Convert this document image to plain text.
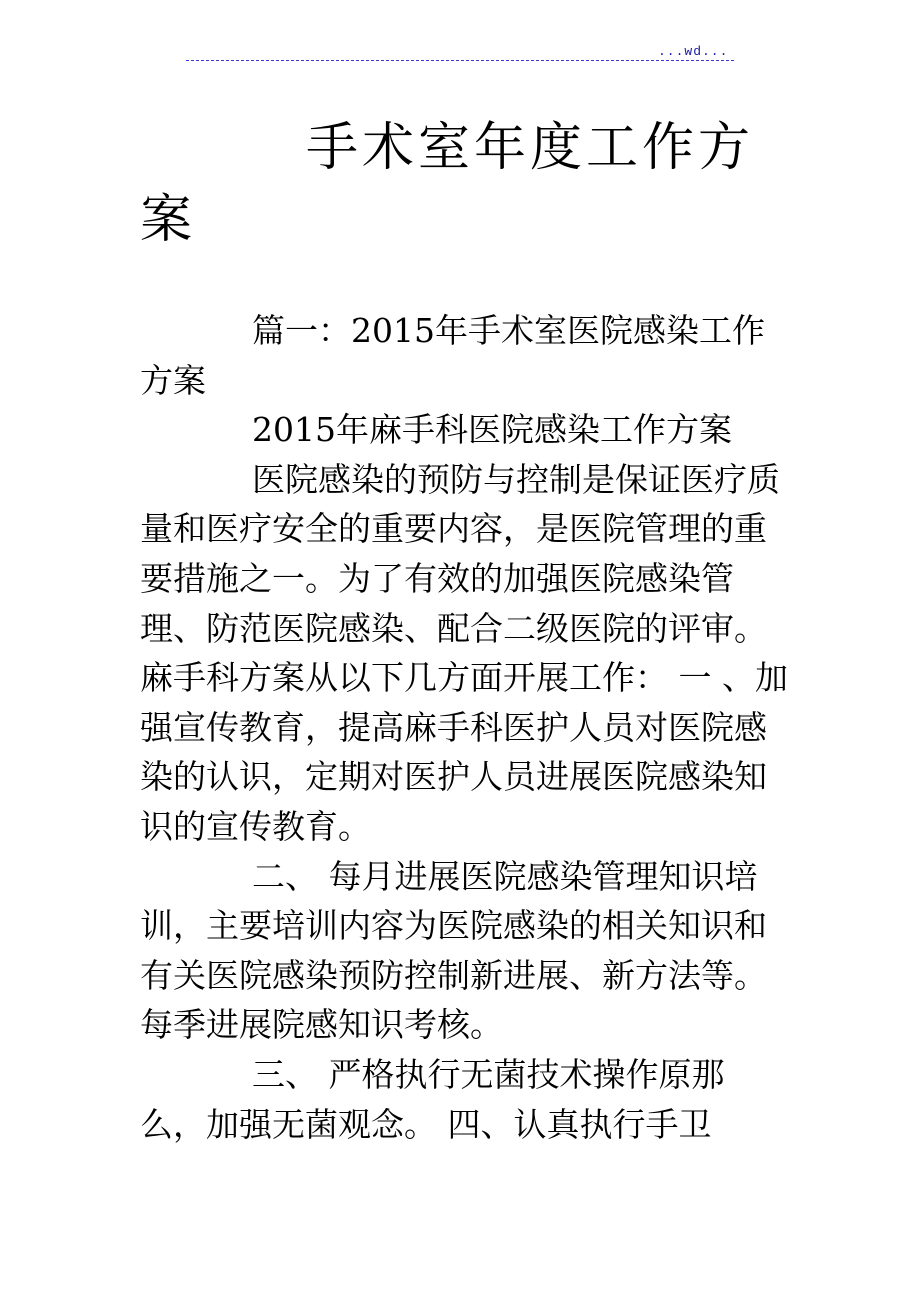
...wd...
手术室年度工作方案

篇一：2015年手术室医院感染工作方案

2015年麻手科医院感染工作方案

医院感染的预防与控制是保证医疗质量和医疗安全的重要内容，是医院管理的重要措施之一。为了有效的加强医院感染管理、防范医院感染、配合二级医院的评审。麻手科方案从以下几方面开展工作： 一 、加强宣传教育，提高麻手科医护人员对医院感染的认识，定期对医护人员进展医院感染知识的宣传教育。

二、 每月进展医院感染管理知识培训，主要培训内容为医院感染的相关知识和有关医院感染预防控制新进展、新方法等。每季进展院感知识考核。

三、 严格执行无菌技术操作原那么，加强无菌观念。 四、认真执行手卫
